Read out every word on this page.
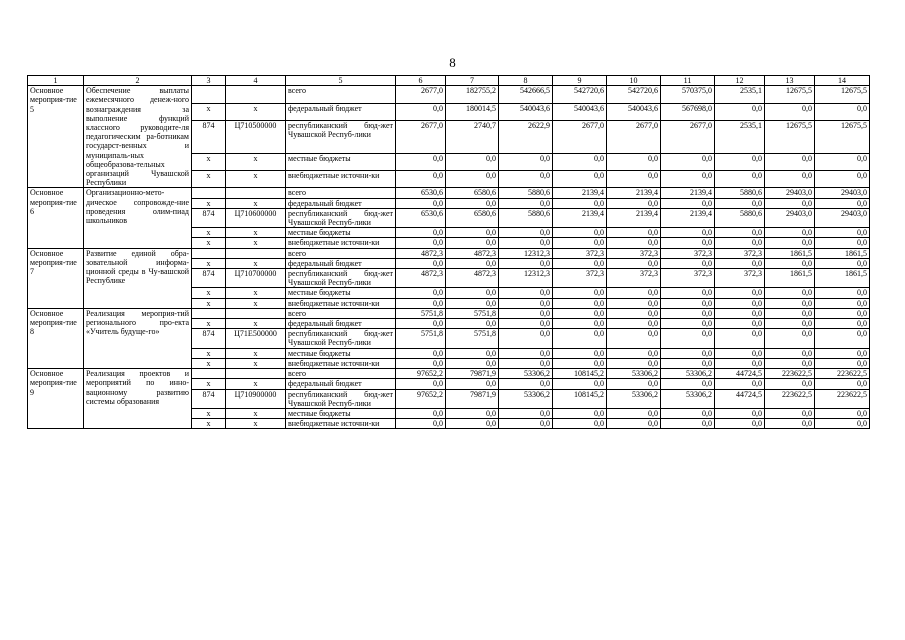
8
1	2	3	4	5	6	7	8	9	10	11	12	13	14
Основное мероприя-тие 5	Обеспечение выплаты ежемесячного денеж-ного вознаграждения за выполнение функций классного руководите-ля педагогическим ра-ботникам государст-венных и муниципаль-ных общеобразова-тельных организаций Чувашской Республики			всего	2677,0	182755,2	542666,5	542720,6	542720,6	570375,0	2535,1	12675,5	12675,5
		х	х	федеральный бюджет	0,0	180014,5	540043,6	540043,6	540043,6	567698,0	0,0	0,0	0,0
		874	Ц710500000	республиканский бюд-жет Чувашской Респуб-лики	2677,0	2740,7	2622,9	2677,0	2677,0	2677,0	2535,1	12675,5	12675,5
		х	х	местные бюджеты	0,0	0,0	0,0	0,0	0,0	0,0	0,0	0,0	0,0
		х	х	внебюджетные источни-ки	0,0	0,0	0,0	0,0	0,0	0,0	0,0	0,0	0,0
Основное мероприя-тие 6	Организационно-мето-дическое сопровожде-ние проведения олим-пиад школьников			всего	6530,6	6580,6	5880,6	2139,4	2139,4	2139,4	5880,6	29403,0	29403,0
		х	х	федеральный бюджет	0,0	0,0	0,0	0,0	0,0	0,0	0,0	0,0	0,0
		874	Ц710600000	республиканский бюд-жет Чувашской Респуб-лики	6530,6	6580,6	5880,6	2139,4	2139,4	2139,4	5880,6	29403,0	29403,0
		х	х	местные бюджеты	0,0	0,0	0,0	0,0	0,0	0,0	0,0	0,0	0,0
		х	х	внебюджетные источни-ки	0,0	0,0	0,0	0,0	0,0	0,0	0,0	0,0	0,0
Основное мероприя-тие 7	Развитие единой обра-зовательной информа-ционной среды в Чу-вашской Республике			всего	4872,3	4872,3	12312,3	372,3	372,3	372,3	372,3	1861,5	1861,5
		х	х	федеральный бюджет	0,0	0,0	0,0	0,0	0,0	0,0	0,0	0,0	0,0
		874	Ц710700000	республиканский бюд-жет Чувашской Респуб-лики	4872,3	4872,3	12312,3	372,3	372,3	372,3	372,3	1861,5	1861,5
		х	х	местные бюджеты	0,0	0,0	0,0	0,0	0,0	0,0	0,0	0,0	0,0
		х	х	внебюджетные источни-ки	0,0	0,0	0,0	0,0	0,0	0,0	0,0	0,0	0,0
Основное мероприя-тие 8	Реализация мероприя-тий регионального про-екта «Учитель будуще-го»			всего	5751,8	5751,8	0,0	0,0	0,0	0,0	0,0	0,0	0,0
		х	х	федеральный бюджет	0,0	0,0	0,0	0,0	0,0	0,0	0,0	0,0	0,0
		874	Ц71Е500000	республиканский бюд-жет Чувашской Респуб-лики	5751,8	5751,8	0,0	0,0	0,0	0,0	0,0	0,0	0,0
		х	х	местные бюджеты	0,0	0,0	0,0	0,0	0,0	0,0	0,0	0,0	0,0
		х	х	внебюджетные источни-ки	0,0	0,0	0,0	0,0	0,0	0,0	0,0	0,0	0,0
Основное мероприя-тие 9	Реализация проектов и мероприятий по инно-вационному развитию системы образования			всего	97652,2	79871,9	53306,2	108145,2	53306,2	53306,2	44724,5	223622,5	223622,5
		х	х	федеральный бюджет	0,0	0,0	0,0	0,0	0,0	0,0	0,0	0,0	0,0
		874	Ц710900000	республиканский бюд-жет Чувашской Респуб-лики	97652,2	79871,9	53306,2	108145,2	53306,2	53306,2	44724,5	223622,5	223622,5
		х	х	местные бюджеты	0,0	0,0	0,0	0,0	0,0	0,0	0,0	0,0	0,0
		х	х	внебюджетные источни-ки	0,0	0,0	0,0	0,0	0,0	0,0	0,0	0,0	0,0
